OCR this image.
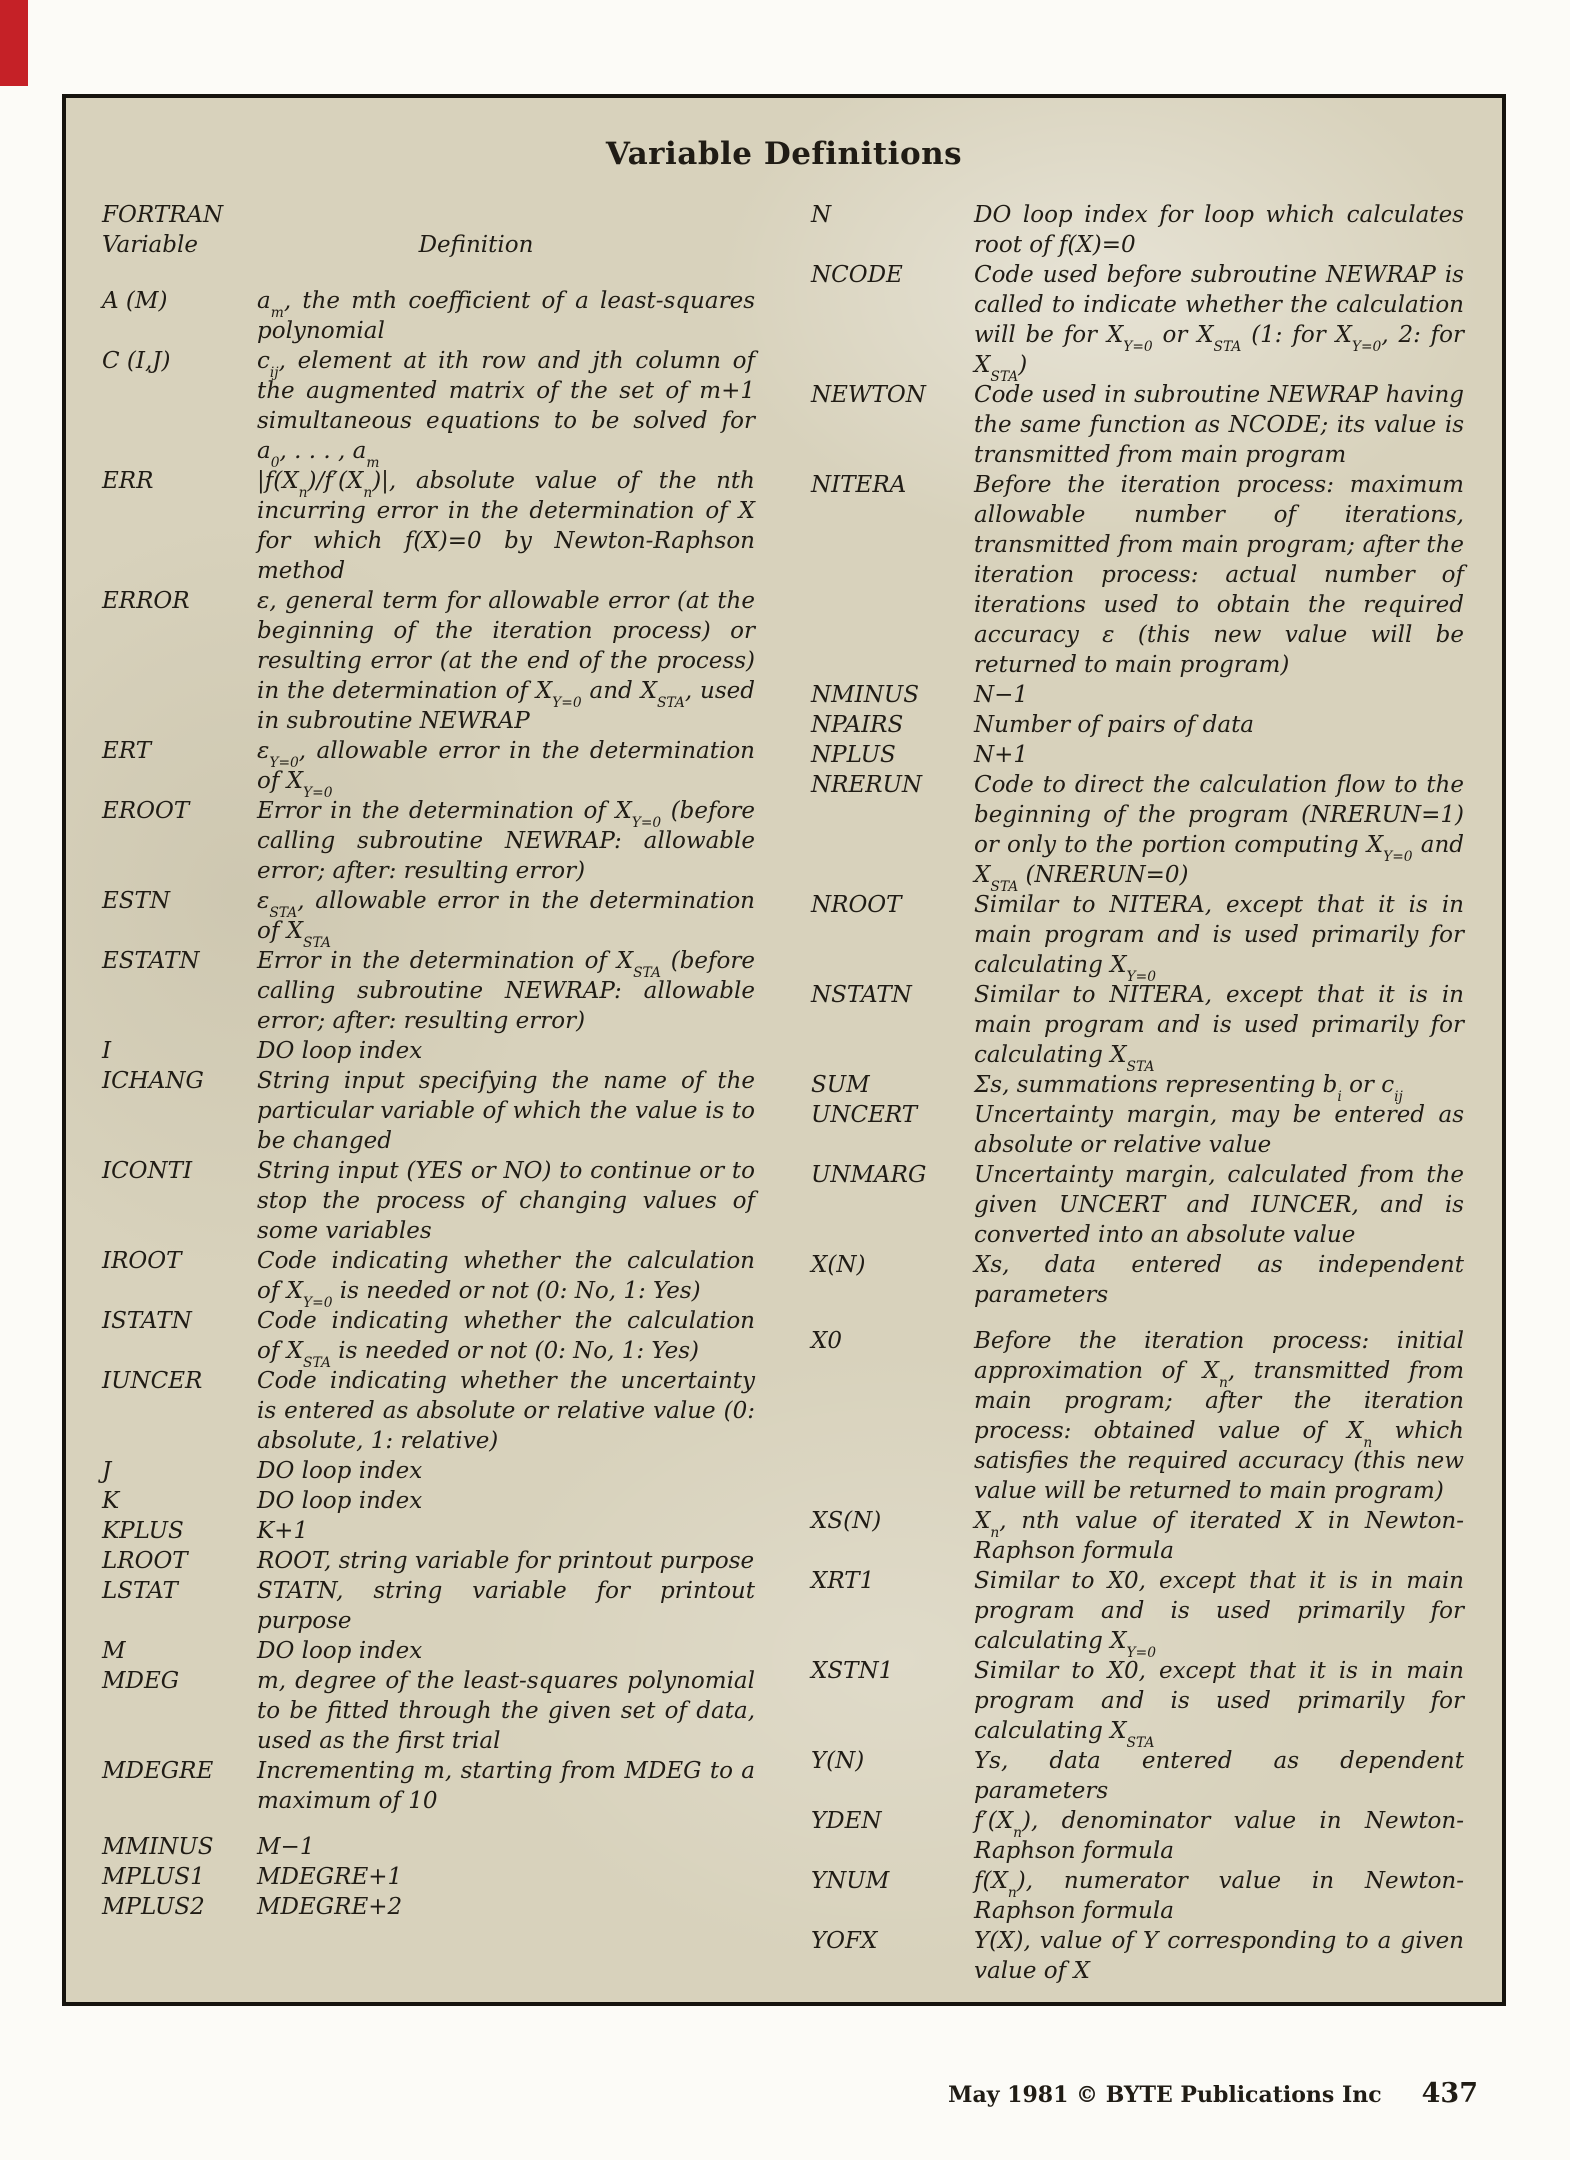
Variable Definitions
FORTRAN
Variable	Definition
A (M)	$a_m$, the mth coefficient of a least-squares polynomial
C (I,J)	$c_{ij}$, element at ith row and jth column of the augmented matrix of the set of m+1 simultaneous equations to be solved for $a_0$, . . . , $a_m$
ERR	$|f(X_n)/f'(X_n)|$, absolute value of the nth incurring error in the determination of X for which f(X)=0 by Newton-Raphson method
ERROR	ε, general term for allowable error (at the beginning of the iteration process) or resulting error (at the end of the process) in the determination of $X_{Y=0}$ and $X_{STA}$, used in subroutine NEWRAP
ERT	$\varepsilon_{Y=0}$, allowable error in the determination of $X_{Y=0}$
EROOT	Error in the determination of $X_{Y=0}$ (before calling subroutine NEWRAP: allowable error; after: resulting error)
ESTN	$\varepsilon_{STA}$, allowable error in the determination of $X_{STA}$
ESTATN	Error in the determination of $X_{STA}$ (before calling subroutine NEWRAP: allowable error; after: resulting error)
I	DO loop index
ICHANG	String input specifying the name of the particular variable of which the value is to be changed
ICONTI	String input (YES or NO) to continue or to stop the process of changing values of some variables
IROOT	Code indicating whether the calculation of $X_{Y=0}$ is needed or not (0: No, 1: Yes)
ISTATN	Code indicating whether the calculation of $X_{STA}$ is needed or not (0: No, 1: Yes)
IUNCER	Code indicating whether the uncertainty is entered as absolute or relative value (0: absolute, 1: relative)
J	DO loop index
K	DO loop index
KPLUS	K+1
LROOT	ROOT, string variable for printout purpose
LSTAT	STATN, string variable for printout purpose
M	DO loop index
MDEG	m, degree of the least-squares polynomial to be fitted through the given set of data, used as the first trial
MDEGRE	Incrementing m, starting from MDEG to a maximum of 10
MMINUS	M−1
MPLUS1	MDEGRE+1
MPLUS2	MDEGRE+2
N	DO loop index for loop which calculates root of f(X)=0
NCODE	Code used before subroutine NEWRAP is called to indicate whether the calculation will be for $X_{Y=0}$ or $X_{STA}$ (1: for $X_{Y=0}$, 2: for $X_{STA}$)
NEWTON	Code used in subroutine NEWRAP having the same function as NCODE; its value is transmitted from main program
NITERA	Before the iteration process: maximum allowable number of iterations, transmitted from main program; after the iteration process: actual number of iterations used to obtain the required accuracy ε (this new value will be returned to main program)
NMINUS	N−1
NPAIRS	Number of pairs of data
NPLUS	N+1
NRERUN	Code to direct the calculation flow to the beginning of the program (NRERUN=1) or only to the portion computing $X_{Y=0}$ and $X_{STA}$ (NRERUN=0)
NROOT	Similar to NITERA, except that it is in main program and is used primarily for calculating $X_{Y=0}$
NSTATN	Similar to NITERA, except that it is in main program and is used primarily for calculating $X_{STA}$
SUM	Σs, summations representing $b_i$ or $c_{ij}$
UNCERT	Uncertainty margin, may be entered as absolute or relative value
UNMARG	Uncertainty margin, calculated from the given UNCERT and IUNCER, and is converted into an absolute value
X(N)	Xs, data entered as independent parameters
X0	Before the iteration process: initial approximation of $X_n$, transmitted from main program; after the iteration process: obtained value of $X_n$ which satisfies the required accuracy (this new value will be returned to main program)
XS(N)	$X_n$, nth value of iterated X in Newton-Raphson formula
XRT1	Similar to X0, except that it is in main program and is used primarily for calculating $X_{Y=0}$
XSTN1	Similar to X0, except that it is in main program and is used primarily for calculating $X_{STA}$
Y(N)	Ys, data entered as dependent parameters
YDEN	$f'(X_n)$, denominator value in Newton-Raphson formula
YNUM	$f(X_n)$, numerator value in Newton-Raphson formula
YOFX	Y(X), value of Y corresponding to a given value of X
May 1981 © BYTE Publications Inc 437
